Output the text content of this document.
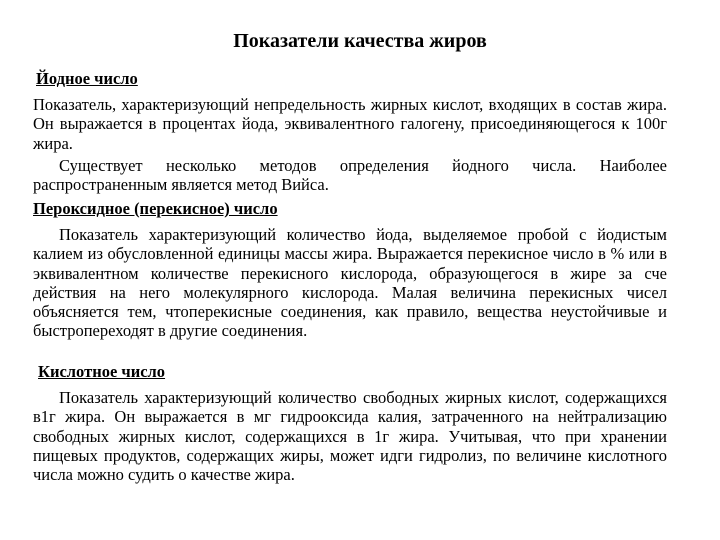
Показатели качества жиров
Йодное число

Показатель, характеризующий непредельность жирных кислот, входящих в состав жира. Он выражается в процентах йода, эквивалентного галогену, присоединяющегося к 100г жира.

Существует несколько методов определения йодного числа. Наиболее распространенным является метод Вийса.

Пероксидное (перекисное) число

Показатель характеризующий количество йода, выделяемое пробой с йодистым калием из обусловленной единицы массы жира. Выражается перекисное число в % или в эквивалентном количестве перекисного кислорода, образующегося в жире за сче действия на него молекулярного кислорода. Малая величина перекисных чисел объясняется тем, чтоперекисные соединения, как правило, вещества неустойчивые и быстропереходят в другие соединения.

Кислотное число

Показатель характеризующий количество свободных жирных кислот, содержащихся в1г жира. Он выражается в мг гидрооксида калия, затраченного на нейтрализацию свободных жирных кислот, содержащихся в 1г жира. Учитывая, что при хранении пищевых продуктов, содержащих жиры, может идги гидролиз, по величине кислотного числа можно судить о качестве жира.
